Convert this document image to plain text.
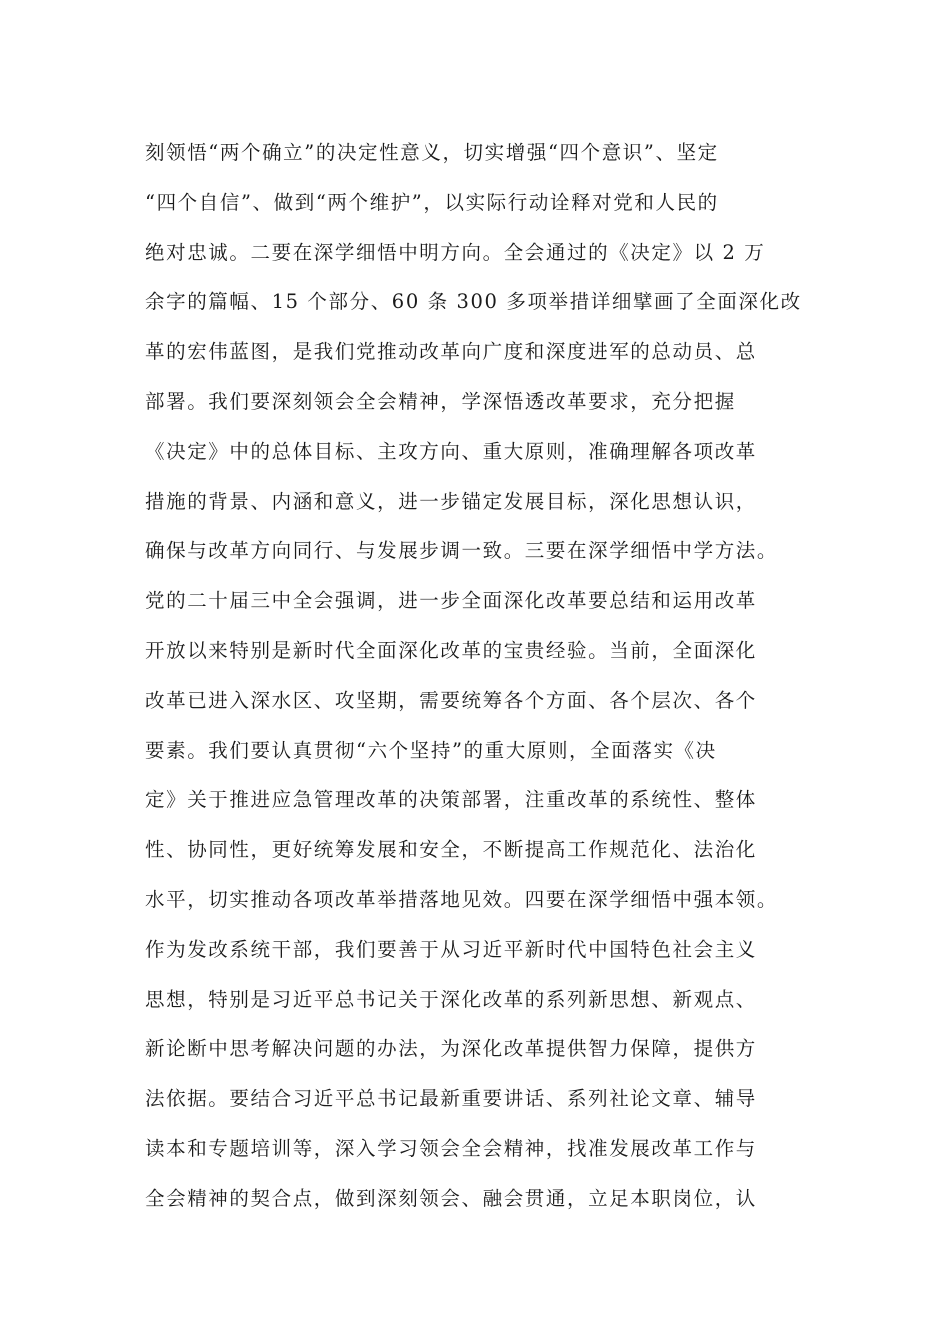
刻领悟“两个确立”的决定性意义，切实增强“四个意识”、坚定
“四个自信”、做到“两个维护”，以实际行动诠释对党和人民的
绝对忠诚。二要在深学细悟中明方向。全会通过的《决定》以 2 万
余字的篇幅、15 个部分、60 条 300 多项举措详细擘画了全面深化改
革的宏伟蓝图，是我们党推动改革向广度和深度进军的总动员、总
部署。我们要深刻领会全会精神，学深悟透改革要求，充分把握
《决定》中的总体目标、主攻方向、重大原则，准确理解各项改革
措施的背景、内涵和意义，进一步锚定发展目标，深化思想认识，
确保与改革方向同行、与发展步调一致。三要在深学细悟中学方法。
党的二十届三中全会强调，进一步全面深化改革要总结和运用改革
开放以来特别是新时代全面深化改革的宝贵经验。当前，全面深化
改革已进入深水区、攻坚期，需要统筹各个方面、各个层次、各个
要素。我们要认真贯彻“六个坚持”的重大原则，全面落实《决
定》关于推进应急管理改革的决策部署，注重改革的系统性、整体
性、协同性，更好统筹发展和安全，不断提高工作规范化、法治化
水平，切实推动各项改革举措落地见效。四要在深学细悟中强本领。
作为发改系统干部，我们要善于从习近平新时代中国特色社会主义
思想，特别是习近平总书记关于深化改革的系列新思想、新观点、
新论断中思考解决问题的办法，为深化改革提供智力保障，提供方
法依据。要结合习近平总书记最新重要讲话、系列社论文章、辅导
读本和专题培训等，深入学习领会全会精神，找准发展改革工作与
全会精神的契合点，做到深刻领会、融会贯通，立足本职岗位，认
